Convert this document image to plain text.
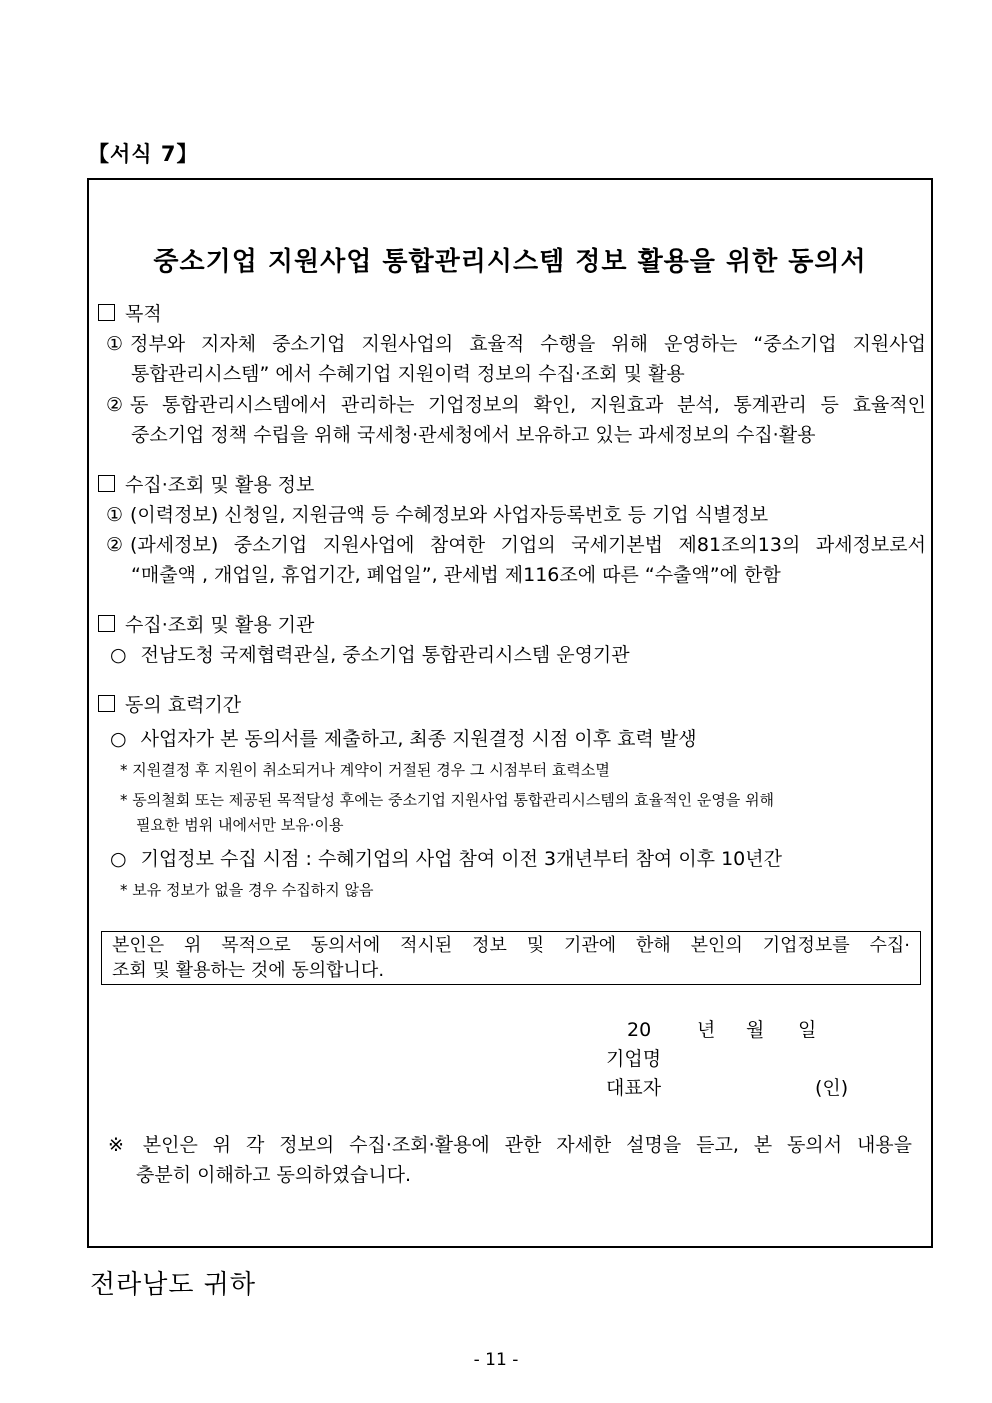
【서식 7】
중소기업 지원사업 통합관리시스템 정보 활용을 위한 동의서
목적
① 정부와 지자체 중소기업 지원사업의 효율적 수행을 위해 운영하는 “중소기업 지원사업
통합관리시스템” 에서 수혜기업 지원이력 정보의 수집·조회 및 활용
② 동 통합관리시스템에서 관리하는 기업정보의 확인, 지원효과 분석, 통계관리 등 효율적인
중소기업 정책 수립을 위해 국세청·관세청에서 보유하고 있는 과세정보의 수집·활용
수집·조회 및 활용 정보
① (이력정보) 신청일, 지원금액 등 수혜정보와 사업자등록번호 등 기업 식별정보
② (과세정보) 중소기업 지원사업에 참여한 기업의 국세기본법 제81조의13의 과세정보로서
“매출액 , 개업일, 휴업기간, 폐업일”, 관세법 제116조에 따른 “수출액”에 한함
수집·조회 및 활용 기관
○ 전남도청 국제협력관실, 중소기업 통합관리시스템 운영기관
동의 효력기간
○ 사업자가 본 동의서를 제출하고, 최종 지원결정 시점 이후 효력 발생
* 지원결정 후 지원이 취소되거나 계약이 거절된 경우 그 시점부터 효력소멸
* 동의철회 또는 제공된 목적달성 후에는 중소기업 지원사업 통합관리시스템의 효율적인 운영을 위해
필요한 범위 내에서만 보유·이용
○ 기업정보 수집 시점 : 수혜기업의 사업 참여 이전 3개년부터 참여 이후 10년간
* 보유 정보가 없을 경우 수집하지 않음
본인은 위 목적으로 동의서에 적시된 정보 및 기관에 한해 본인의 기업정보를 수집·
조회 및 활용하는 것에 동의합니다.
20 년 월 일
기업명
대표자	(인)
※ 본인은 위 각 정보의 수집·조회·활용에 관한 자세한 설명을 듣고, 본 동의서 내용을
충분히 이해하고 동의하였습니다.
전라남도 귀하
- 11 -
